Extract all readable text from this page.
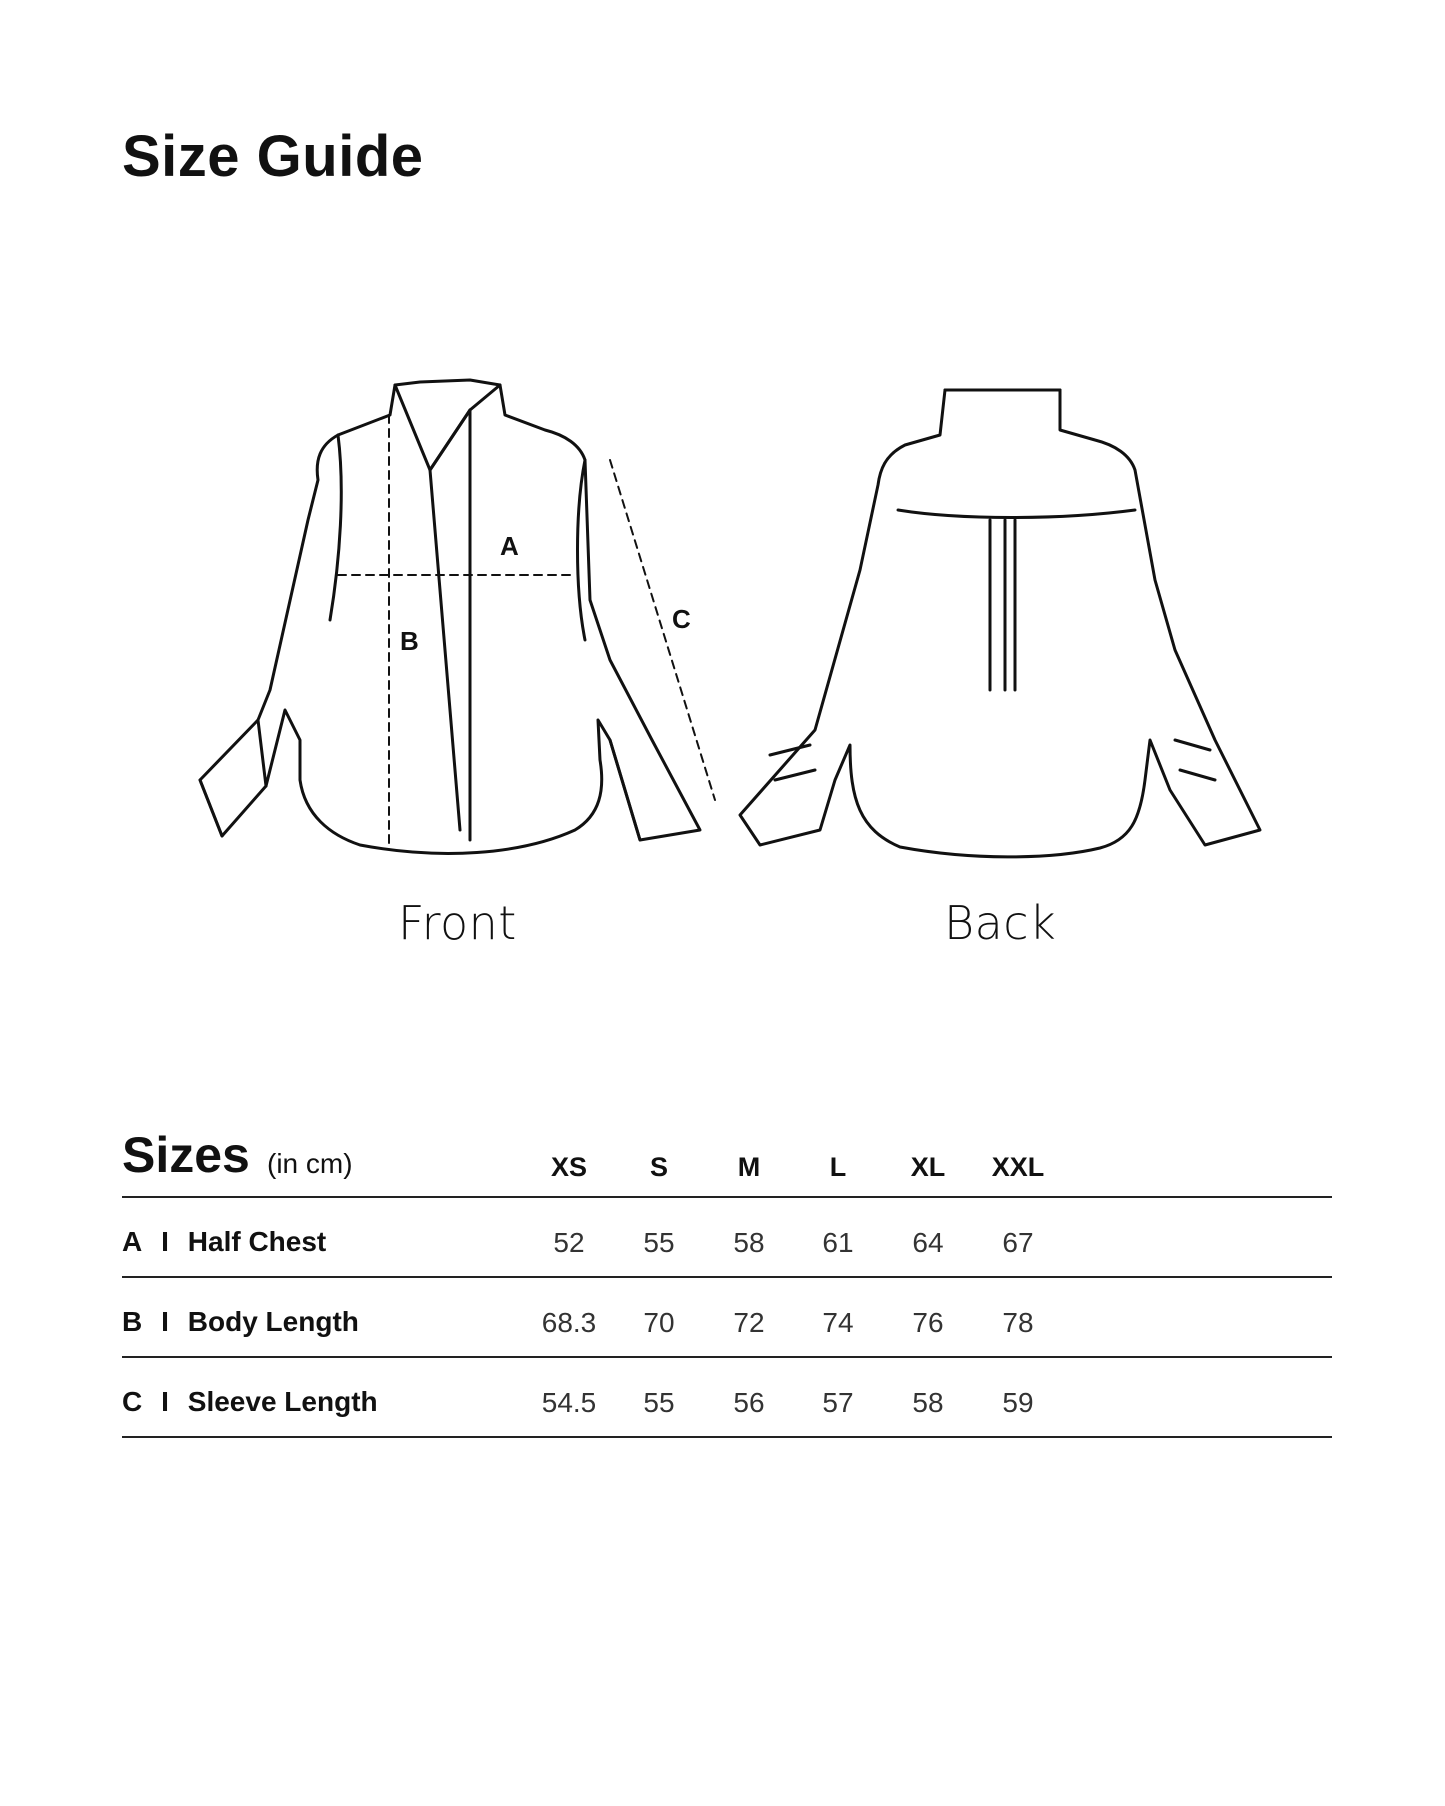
Size Guide
A
B
C
Front	Back
Sizes (in cm)	XS	S	M	L	XL	XXL
A I Half Chest	52	55	58	61	64	67
B I Body Length	68.3	70	72	74	76	78
C I Sleeve Length	54.5	55	56	57	58	59
